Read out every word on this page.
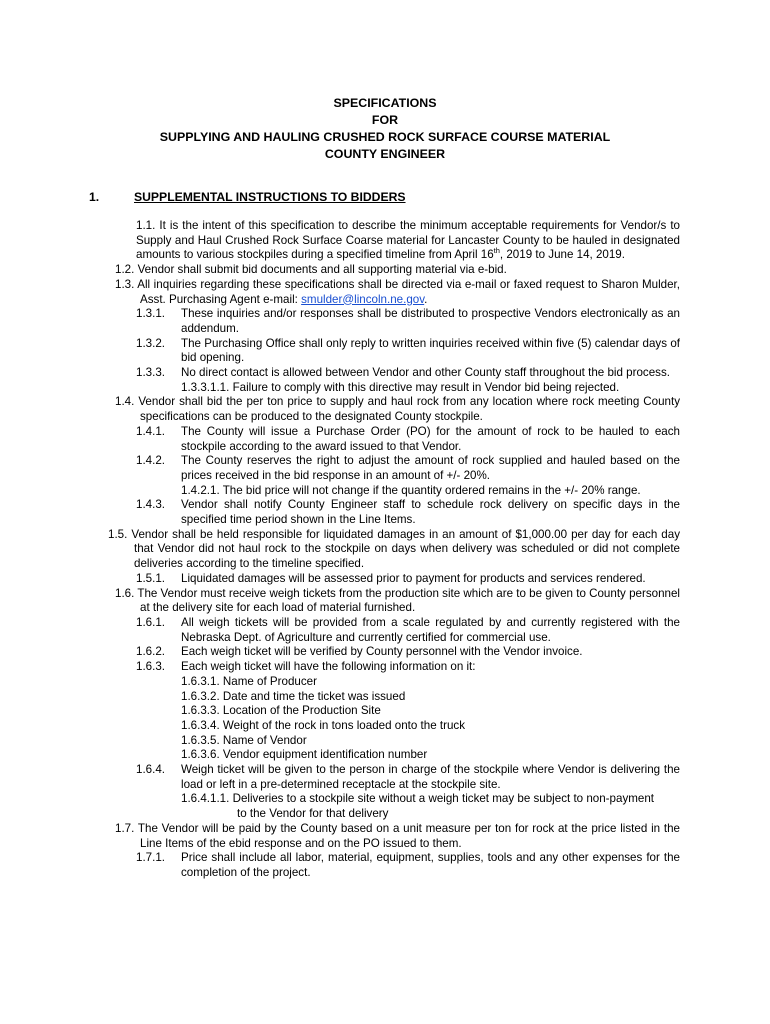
SPECIFICATIONS
FOR
SUPPLYING AND HAULING CRUSHED ROCK SURFACE COURSE MATERIAL
COUNTY ENGINEER
1.	SUPPLEMENTAL INSTRUCTIONS TO BIDDERS
1.1. It is the intent of this specification to describe the minimum acceptable requirements for Vendor/s to Supply and Haul Crushed Rock Surface Coarse material for Lancaster County to be hauled in designated amounts to various stockpiles during a specified timeline from April 16th, 2019 to June 14, 2019.
1.2. Vendor shall submit bid documents and all supporting material via e-bid.
1.3. All inquiries regarding these specifications shall be directed via e-mail or faxed request to Sharon Mulder, Asst. Purchasing Agent e-mail: smulder@lincoln.ne.gov.
1.3.1. These inquiries and/or responses shall be distributed to prospective Vendors electronically as an addendum.
1.3.2. The Purchasing Office shall only reply to written inquiries received within five (5) calendar days of bid opening.
1.3.3. No direct contact is allowed between Vendor and other County staff throughout the bid process.
1.3.3.1.1. Failure to comply with this directive may result in Vendor bid being rejected.
1.4. Vendor shall bid the per ton price to supply and haul rock from any location where rock meeting County specifications can be produced to the designated County stockpile.
1.4.1. The County will issue a Purchase Order (PO) for the amount of rock to be hauled to each stockpile according to the award issued to that Vendor.
1.4.2. The County reserves the right to adjust the amount of rock supplied and hauled based on the prices received in the bid response in an amount of +/- 20%.
1.4.2.1. The bid price will not change if the quantity ordered remains in the +/- 20% range.
1.4.3. Vendor shall notify County Engineer staff to schedule rock delivery on specific days in the specified time period shown in the Line Items.
1.5. Vendor shall be held responsible for liquidated damages in an amount of $1,000.00 per day for each day that Vendor did not haul rock to the stockpile on days when delivery was scheduled or did not complete deliveries according to the timeline specified.
1.5.1. Liquidated damages will be assessed prior to payment for products and services rendered.
1.6. The Vendor must receive weigh tickets from the production site which are to be given to County personnel at the delivery site for each load of material furnished.
1.6.1. All weigh tickets will be provided from a scale regulated by and currently registered with the Nebraska Dept. of Agriculture and currently certified for commercial use.
1.6.2. Each weigh ticket will be verified by County personnel with the Vendor invoice.
1.6.3. Each weigh ticket will have the following information on it:
1.6.3.1. Name of Producer
1.6.3.2. Date and time the ticket was issued
1.6.3.3. Location of the Production Site
1.6.3.4. Weight of the rock in tons loaded onto the truck
1.6.3.5. Name of Vendor
1.6.3.6. Vendor equipment identification number
1.6.4. Weigh ticket will be given to the person in charge of the stockpile where Vendor is delivering the load or left in a pre-determined receptacle at the stockpile site.
1.6.4.1.1. Deliveries to a stockpile site without a weigh ticket may be subject to non-payment
to the Vendor for that delivery
1.7. The Vendor will be paid by the County based on a unit measure per ton for rock at the price listed in the Line Items of the ebid response and on the PO issued to them.
1.7.1. Price shall include all labor, material, equipment, supplies, tools and any other expenses for the completion of the project.
